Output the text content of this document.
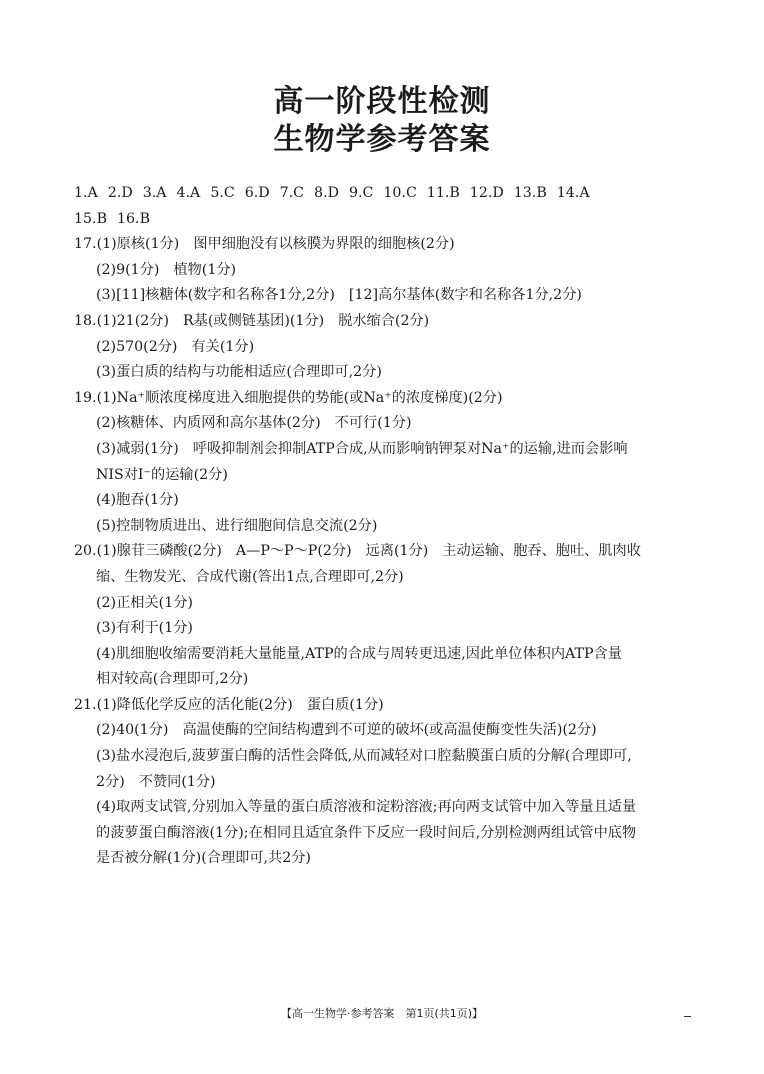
高一阶段性检测
生物学参考答案
1.A 2.D 3.A 4.A 5.C 6.D 7.C 8.D 9.C 10.C 11.B 12.D 13.B 14.A
15.B 16.B
17.(1)原核(1分) 图甲细胞没有以核膜为界限的细胞核(2分)
(2)9(1分) 植物(1分)
(3)[11]核糖体(数字和名称各1分,2分) [12]高尔基体(数字和名称各1分,2分)
18.(1)21(2分) R基(或侧链基团)(1分) 脱水缩合(2分)
(2)570(2分) 有关(1分)
(3)蛋白质的结构与功能相适应(合理即可,2分)
19.(1)Na⁺顺浓度梯度进入细胞提供的势能(或Na⁺的浓度梯度)(2分)
(2)核糖体、内质网和高尔基体(2分) 不可行(1分)
(3)减弱(1分) 呼吸抑制剂会抑制ATP合成,从而影响钠钾泵对Na⁺的运输,进而会影响
NIS对I⁻的运输(2分)
(4)胞吞(1分)
(5)控制物质进出、进行细胞间信息交流(2分)
20.(1)腺苷三磷酸(2分) A—P～P～P(2分) 远离(1分) 主动运输、胞吞、胞吐、肌肉收
缩、生物发光、合成代谢(答出1点,合理即可,2分)
(2)正相关(1分)
(3)有利于(1分)
(4)肌细胞收缩需要消耗大量能量,ATP的合成与周转更迅速,因此单位体积内ATP含量
相对较高(合理即可,2分)
21.(1)降低化学反应的活化能(2分) 蛋白质(1分)
(2)40(1分) 高温使酶的空间结构遭到不可逆的破坏(或高温使酶变性失活)(2分)
(3)盐水浸泡后,菠萝蛋白酶的活性会降低,从而减轻对口腔黏膜蛋白质的分解(合理即可,
2分) 不赞同(1分)
(4)取两支试管,分别加入等量的蛋白质溶液和淀粉溶液;再向两支试管中加入等量且适量
的菠萝蛋白酶溶液(1分);在相同且适宜条件下反应一段时间后,分别检测两组试管中底物
是否被分解(1分)(合理即可,共2分)
【高一生物学·参考答案　第1页(共1页)】
